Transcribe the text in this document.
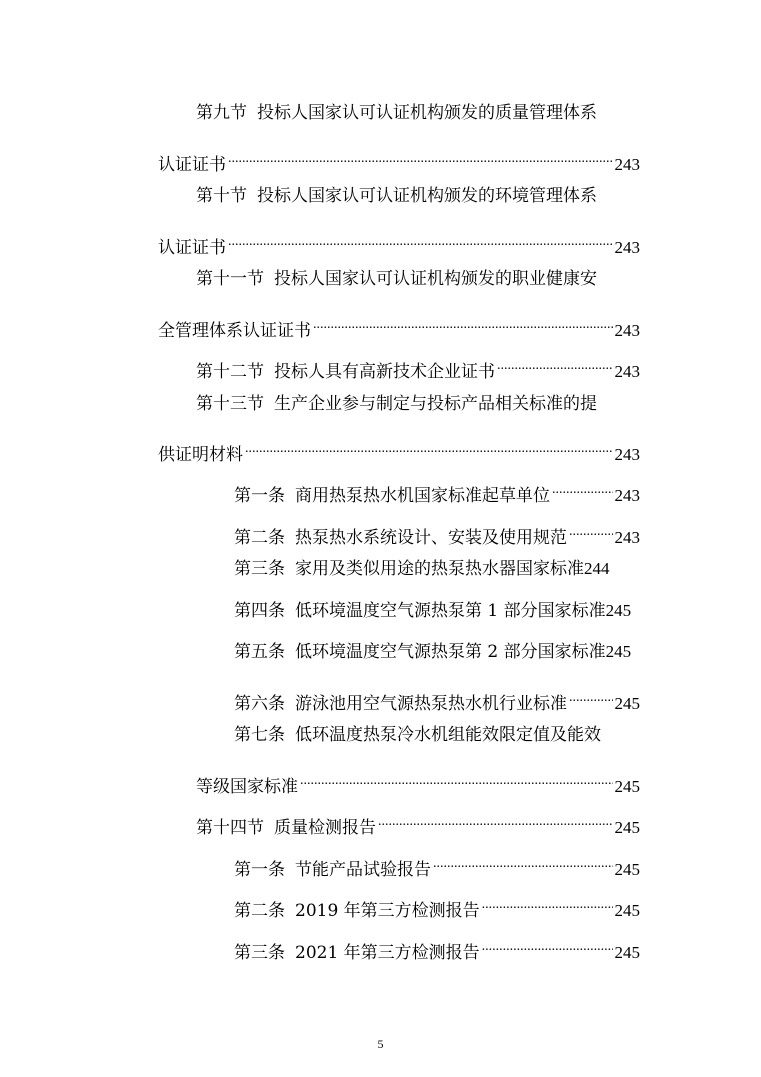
第九节 投标人国家认可认证机构颁发的质量管理体系
认证证书 .....	243
第十节 投标人国家认可认证机构颁发的环境管理体系
认证证书 .....	243
第十一节 投标人国家认可认证机构颁发的职业健康安
全管理体系认证证书 .....	243
第十二节 投标人具有高新技术企业证书 .....	243
第十三节 生产企业参与制定与投标产品相关标准的提
供证明材料 .....	243
第一条 商用热泵热水机国家标准起草单位 .....	243
第二条 热泵热水系统设计、安装及使用规范 .....	243
第三条 家用及类似用途的热泵热水器国家标准 244
第四条 低环境温度空气源热泵第 1 部分国家标准 245
第五条 低环境温度空气源热泵第 2 部分国家标准 245
第六条 游泳池用空气源热泵热水机行业标准 .....	245
第七条 低环温度热泵冷水机组能效限定值及能效
等级国家标准 .....	245
第十四节 质量检测报告 .....	245
第一条 节能产品试验报告 .....	245
第二条 2019 年第三方检测报告 .....	245
第三条 2021 年第三方检测报告 .....	245
5
